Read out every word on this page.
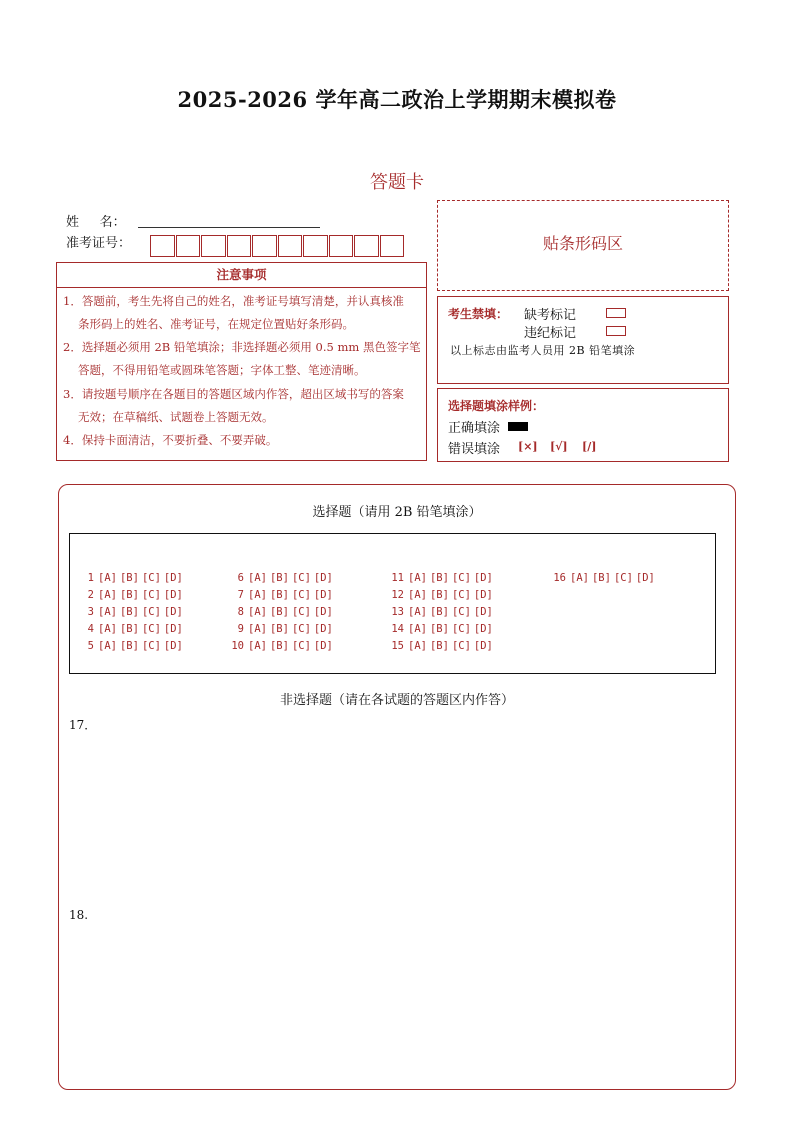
2025-2026 学年高二政治上学期期末模拟卷
答题卡
姓     名：
准考证号：
注意事项
1．答题前，考生先将自己的姓名，准考证号填写清楚，并认真核准
条形码上的姓名、准考证号，在规定位置贴好条形码。
2．选择题必须用 2B 铅笔填涂；非选择题必须用 0.5 mm 黑色签字笔
答题，不得用铅笔或圆珠笔答题；字体工整、笔迹清晰。
3．请按题号顺序在各题目的答题区域内作答，超出区域书写的答案
无效；在草稿纸、试题卷上答题无效。
4．保持卡面清洁，不要折叠、不要弄破。
贴条形码区
考生禁填： 缺考标记
违纪标记
以上标志由监考人员用 2B 铅笔填涂
选择题填涂样例：
正确填涂
错误填涂 [×] [√] [/]
选择题（请用 2B 铅笔填涂）
1 [A] [B] [C] [D]
2 [A] [B] [C] [D]
3 [A] [B] [C] [D]
4 [A] [B] [C] [D]
5 [A] [B] [C] [D]
6 [A] [B] [C] [D]
7 [A] [B] [C] [D]
8 [A] [B] [C] [D]
9 [A] [B] [C] [D]
10 [A] [B] [C] [D]
11 [A] [B] [C] [D]
12 [A] [B] [C] [D]
13 [A] [B] [C] [D]
14 [A] [B] [C] [D]
15 [A] [B] [C] [D]
16 [A] [B] [C] [D]
非选择题（请在各试题的答题区内作答）
17．
18.
